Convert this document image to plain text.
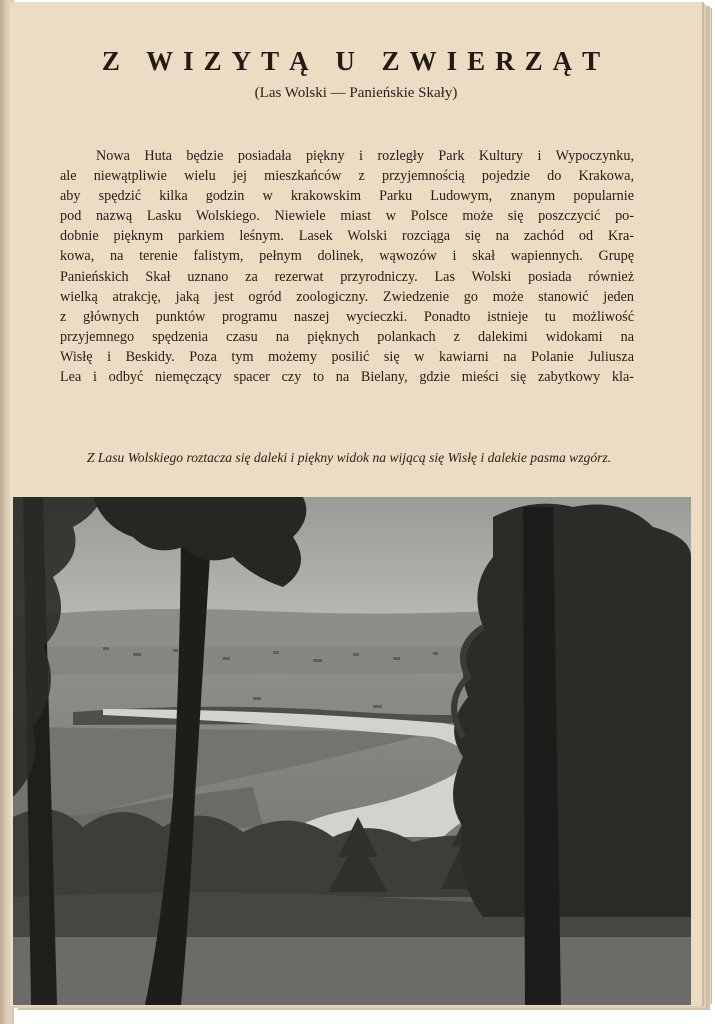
Z WIZYTĄ U ZWIERZĄT
(Las Wolski — Panieńskie Skały)
Nowa Huta będzie posiadała piękny i rozległy Park Kultury i Wypoczynku,
ale niewątpliwie wielu jej mieszkańców z przyjemnością pojedzie do Krakowa,
aby spędzić kilka godzin w krakowskim Parku Ludowym, znanym popularnie
pod nazwą Lasku Wolskiego. Niewiele miast w Polsce może się poszczycić po-
dobnie pięknym parkiem leśnym. Lasek Wolski rozciąga się na zachód od Kra-
kowa, na terenie falistym, pełnym dolinek, wąwozów i skał wapiennych. Grupę
Panieńskich Skał uznano za rezerwat przyrodniczy. Las Wolski posiada również
wielką atrakcję, jaką jest ogród zoologiczny. Zwiedzenie go może stanowić jeden
z głównych punktów programu naszej wycieczki. Ponadto istnieje tu możliwość
przyjemnego spędzenia czasu na pięknych polankach z dalekimi widokami na
Wisłę i Beskidy. Poza tym możemy posilić się w kawiarni na Polanie Juliusza
Lea i odbyć niemęczący spacer czy to na Bielany, gdzie mieści się zabytkowy kla-
Z Lasu Wolskiego roztacza się daleki i piękny widok na wijącą się Wisłę i dalekie pasma wzgórz.
